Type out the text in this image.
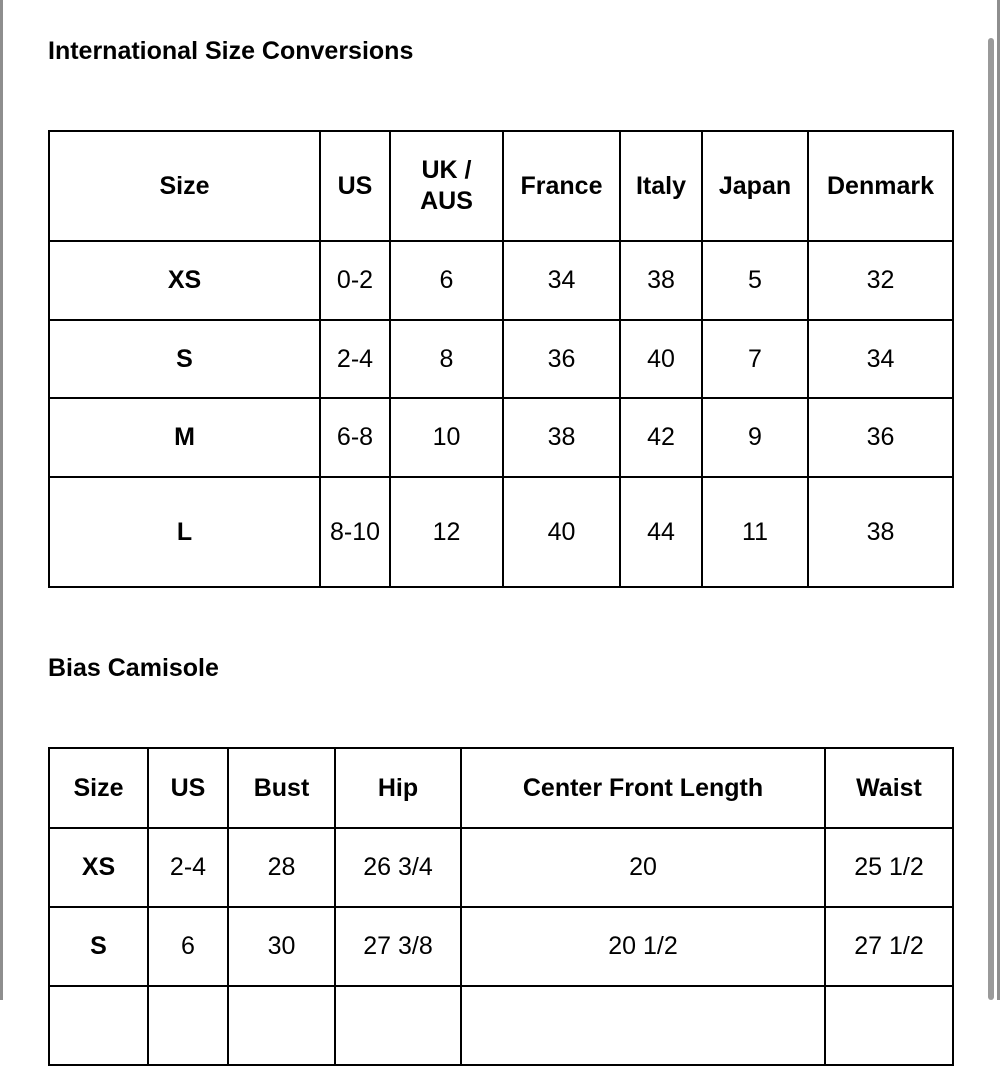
International Size Conversions
Size	US	UK / AUS	France	Italy	Japan	Denmark
XS	0-2	6	34	38	5	32
S	2-4	8	36	40	7	34
M	6-8	10	38	42	9	36
L	8-10	12	40	44	11	38
Bias Camisole
Size	US	Bust	Hip	Center Front Length	Waist
XS	2-4	28	26 3/4	20	25 1/2
S	6	30	27 3/8	20 1/2	27 1/2
